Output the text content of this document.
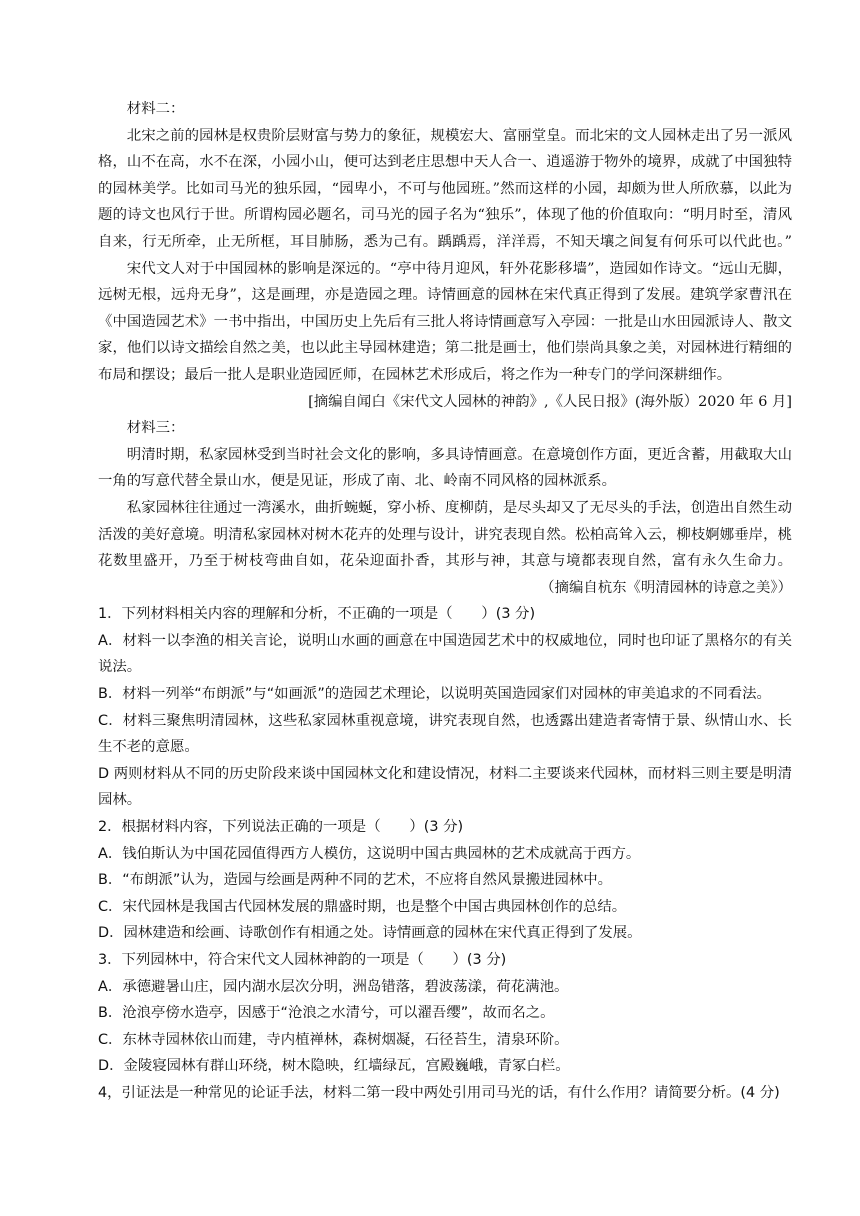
材料二：
北宋之前的园林是权贵阶层财富与势力的象征，规模宏大、富丽堂皇。而北宋的文人园林走出了另一派风
格，山不在高，水不在深，小园小山，便可达到老庄思想中天人合一、逍遥游于物外的境界，成就了中国独特
的园林美学。比如司马光的独乐园，“园卑小，不可与他园班。”然而这样的小园，却颇为世人所欣慕，以此为
题的诗文也风行于世。所谓构园必题名，司马光的园子名为“独乐”，体现了他的价值取向：“明月时至，清风
自来，行无所牵，止无所框，耳目肺肠，悉为己有。踽踽焉，洋洋焉，不知天壤之间复有何乐可以代此也。”
宋代文人对于中国园林的影响是深远的。“亭中待月迎风，轩外花影移墙”，造园如作诗文。“远山无脚，
远树无根，远舟无身”，这是画理，亦是造园之理。诗情画意的园林在宋代真正得到了发展。建筑学家曹汛在
《中国造园艺术》一书中指出，中国历史上先后有三批人将诗情画意写入亭园：一批是山水田园派诗人、散文
家，他们以诗文描绘自然之美，也以此主导园林建造；第二批是画士，他们崇尚具象之美，对园林进行精细的
布局和摆设；最后一批人是职业造园匠师，在园林艺术形成后，将之作为一种专门的学问深耕细作。
[摘编自闻白《宋代文人园林的神韵》,《人民日报》(海外版）2020 年 6 月]
材料三：
明清时期，私家园林受到当时社会文化的影响，多具诗情画意。在意境创作方面，更近含蓄，用截取大山
一角的写意代替全景山水，便是见证，形成了南、北、岭南不同风格的园林派系。
私家园林往往通过一湾溪水，曲折蜿蜒，穿小桥、度柳荫，是尽头却又了无尽头的手法，创造出自然生动
活泼的美好意境。明清私家园林对树木花卉的处理与设计，讲究表现自然。松柏高耸入云，柳枝婀娜垂岸，桃
花数里盛开，乃至于树枝弯曲自如，花朵迎面扑香，其形与神，其意与境都表现自然，富有永久生命力。
（摘编自杭东《明清园林的诗意之美》）
1．下列材料相关内容的理解和分析，不正确的一项是（　　）(3 分)
A．材料一以李渔的相关言论，说明山水画的画意在中国造园艺术中的权威地位，同时也印证了黑格尔的有关
说法。
B．材料一列举“布朗派”与“如画派”的造园艺术理论，以说明英国造园家们对园林的审美追求的不同看法。
C．材料三聚焦明清园林，这些私家园林重视意境，讲究表现自然，也透露出建造者寄情于景、纵情山水、长
生不老的意愿。
D 两则材料从不同的历史阶段来谈中国园林文化和建设情况，材料二主要谈来代园林，而材料三则主要是明清
园林。
2．根据材料内容，下列说法正确的一项是（　　）(3 分)
A．钱伯斯认为中国花园值得西方人模仿，这说明中国古典园林的艺术成就高于西方。
B．“布朗派”认为，造园与绘画是两种不同的艺术，不应将自然风景搬进园林中。
C．宋代园林是我国古代园林发展的鼎盛时期，也是整个中国古典园林创作的总结。
D．园林建造和绘画、诗歌创作有相通之处。诗情画意的园林在宋代真正得到了发展。
3．下列园林中，符合宋代文人园林神韵的一项是（　　）(3 分)
A．承德避暑山庄，园内湖水层次分明，洲岛错落，碧波荡漾，荷花满池。
B．沧浪亭傍水造亭，因感于“沧浪之水清兮，可以濯吾缨”，故而名之。
C．东林寺园林依山而建，寺内植禅林，森树烟凝，石径苔生，清泉环阶。
D．金陵寝园林有群山环绕，树木隐映，红墙绿瓦，宫殿巍峨，青冢白栏。
4，引证法是一种常见的论证手法，材料二第一段中两处引用司马光的话，有什么作用？请简要分析。(4 分)
